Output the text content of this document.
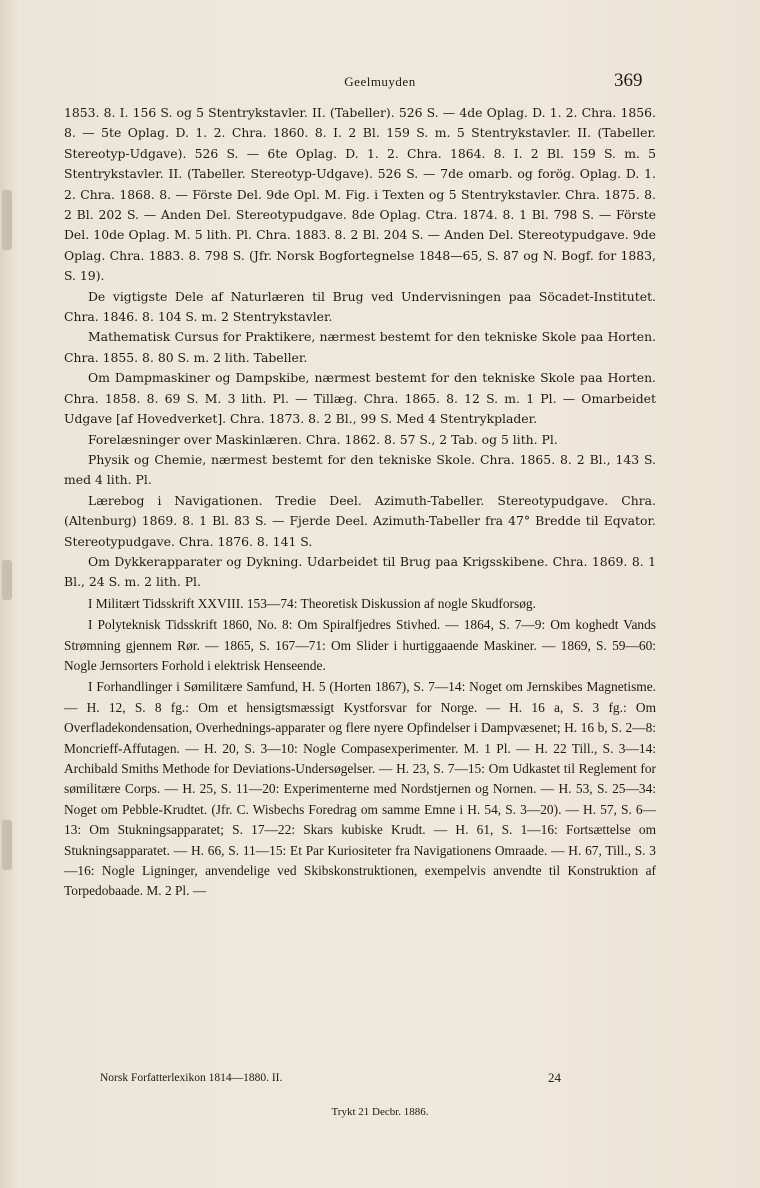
Geelmuyden	369

1853. 8. I. 156 S. og 5 Stentrykstavler. II. (Tabeller). 526 S. — 4de Oplag. D. 1. 2. Chra. 1856. 8. — 5te Oplag. D. 1. 2. Chra. 1860. 8. I. 2 Bl. 159 S. m. 5 Stentrykstavler. II. (Tabeller. Stereotyp-Udgave). 526 S. — 6te Oplag. D. 1. 2. Chra. 1864. 8. I. 2 Bl. 159 S. m. 5 Stentrykstavler. II. (Tabeller. Stereotyp-Udgave). 526 S. — 7de omarb. og forög. Oplag. D. 1. 2. Chra. 1868. 8. — Förste Del. 9de Opl. M. Fig. i Texten og 5 Stentrykstavler. Chra. 1875. 8. 2 Bl. 202 S. — Anden Del. Stereotypudgave. 8de Oplag. Ctra. 1874. 8. 1 Bl. 798 S. — Förste Del. 10de Oplag. M. 5 lith. Pl. Chra. 1883. 8. 2 Bl. 204 S. — Anden Del. Stereotypudgave. 9de Oplag. Chra. 1883. 8. 798 S. (Jfr. Norsk Bogfortegnelse 1848—65, S. 87 og N. Bogf. for 1883, S. 19).

De vigtigste Dele af Naturlæren til Brug ved Undervisningen paa Söcadet-Institutet. Chra. 1846. 8. 104 S. m. 2 Stentrykstavler.

Mathematisk Cursus for Praktikere, nærmest bestemt for den tekniske Skole paa Horten. Chra. 1855. 8. 80 S. m. 2 lith. Tabeller.

Om Dampmaskiner og Dampskibe, nærmest bestemt for den tekniske Skole paa Horten. Chra. 1858. 8. 69 S. M. 3 lith. Pl. — Tillæg. Chra. 1865. 8. 12 S. m. 1 Pl. — Omarbeidet Udgave [af Hovedverket]. Chra. 1873. 8. 2 Bl., 99 S. Med 4 Stentrykplader.

Forelæsninger over Maskinlæren. Chra. 1862. 8. 57 S., 2 Tab. og 5 lith. Pl.

Physik og Chemie, nærmest bestemt for den tekniske Skole. Chra. 1865. 8. 2 Bl., 143 S. med 4 lith. Pl.

Lærebog i Navigationen. Tredie Deel. Azimuth-Tabeller. Stereotypudgave. Chra. (Altenburg) 1869. 8. 1 Bl. 83 S. — Fjerde Deel. Azimuth-Tabeller fra 47° Bredde til Eqvator. Stereotypudgave. Chra. 1876. 8. 141 S.

Om Dykkerapparater og Dykning. Udarbeidet til Brug paa Krigsskibene. Chra. 1869. 8. 1 Bl., 24 S. m. 2 lith. Pl.

I Militært Tidsskrift XXVIII. 153—74: Theoretisk Diskussion af nogle Skudforsøg.

I Polyteknisk Tidsskrift 1860, No. 8: Om Spiralfjedres Stivhed. — 1864, S. 7—9: Om koghedt Vands Strømning gjennem Rør. — 1865, S. 167—71: Om Slider i hurtiggaaende Maskiner. — 1869, S. 59—60: Nogle Jernsorters Forhold i elektrisk Henseende.

I Forhandlinger i Sømilitære Samfund, H. 5 (Horten 1867), S. 7—14: Noget om Jernskibes Magnetisme. — H. 12, S. 8 fg.: Om et hensigtsmæssigt Kystforsvar for Norge. — H. 16 a, S. 3 fg.: Om Overfladekondensation, Overhednings-apparater og flere nyere Opfindelser i Dampvæsenet; H. 16 b, S. 2—8: Moncrieff-Affutagen. — H. 20, S. 3—10: Nogle Compasexperimenter. M. 1 Pl. — H. 22 Till., S. 3—14: Archibald Smiths Methode for Deviations-Undersøgelser. — H. 23, S. 7—15: Om Udkastet til Reglement for sømilitære Corps. — H. 25, S. 11—20: Experimenterne med Nordstjernen og Nornen. — H. 53, S. 25—34: Noget om Pebble-Krudtet. (Jfr. C. Wisbechs Foredrag om samme Emne i H. 54, S. 3—20). — H. 57, S. 6—13: Om Stukningsapparatet; S. 17—22: Skars kubiske Krudt. — H. 61, S. 1—16: Fortsættelse om Stukningsapparatet. — H. 66, S. 11—15: Et Par Kuriositeter fra Navigationens Omraade. — H. 67, Till., S. 3—16: Nogle Ligninger, anvendelige ved Skibskonstruktionen, exempelvis anvendte til Konstruktion af Torpedobaade. M. 2 Pl. —

Norsk Forfatterlexikon 1814—1880. II.	24
Trykt 21 Decbr. 1886.
